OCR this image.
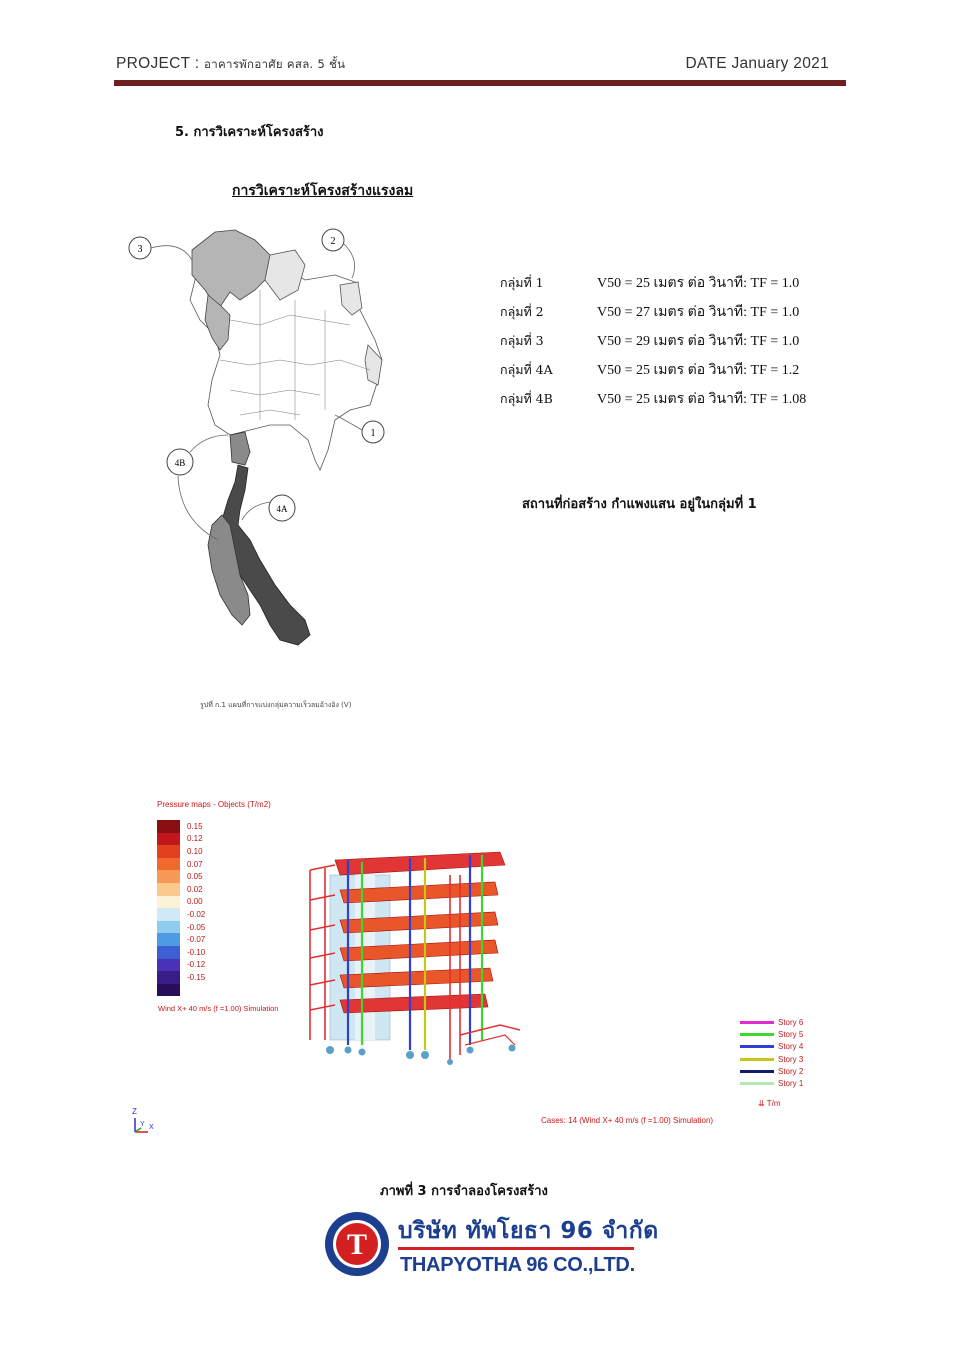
PROJECT : อาคารพักอาศัย คสล. 5 ชั้น	DATE January 2021
5. การวิเคราะห์โครงสร้าง
การวิเคราะห์โครงสร้างแรงลม
3
2
1
4B
4A
รูปที่ ก.1 แผนที่การแบ่งกลุ่มความเร็วลมอ้างอิง (V)
กลุ่มที่ 1	V50 = 25 เมตร ต่อ วินาที: TF = 1.0
กลุ่มที่ 2	V50 = 27 เมตร ต่อ วินาที: TF = 1.0
กลุ่มที่ 3	V50 = 29 เมตร ต่อ วินาที: TF = 1.0
กลุ่มที่ 4A	V50 = 25 เมตร ต่อ วินาที: TF = 1.2
กลุ่มที่ 4B	V50 = 25 เมตร ต่อ วินาที: TF = 1.08
สถานที่ก่อสร้าง กำแพงแสน อยู่ในกลุ่มที่ 1
Pressure maps - Objects (T/m2)
0.15
0.12
0.10
0.07
0.05
0.02
0.00
-0.02
-0.05
-0.07
-0.10
-0.12
-0.15
Wind X+ 40 m/s (f =1.00) Simulation
Story 6
Story 5
Story 4
Story 3
Story 2
Story 1
⇊ T/m
Cases: 14 (Wind X+ 40 m/s (f =1.00) Simulation)
Z
Y X
ภาพที่ 3 การจำลองโครงสร้าง
T บริษัท ทัพโยธา 96 จำกัด
THAPYOTHA 96 CO.,LTD.
